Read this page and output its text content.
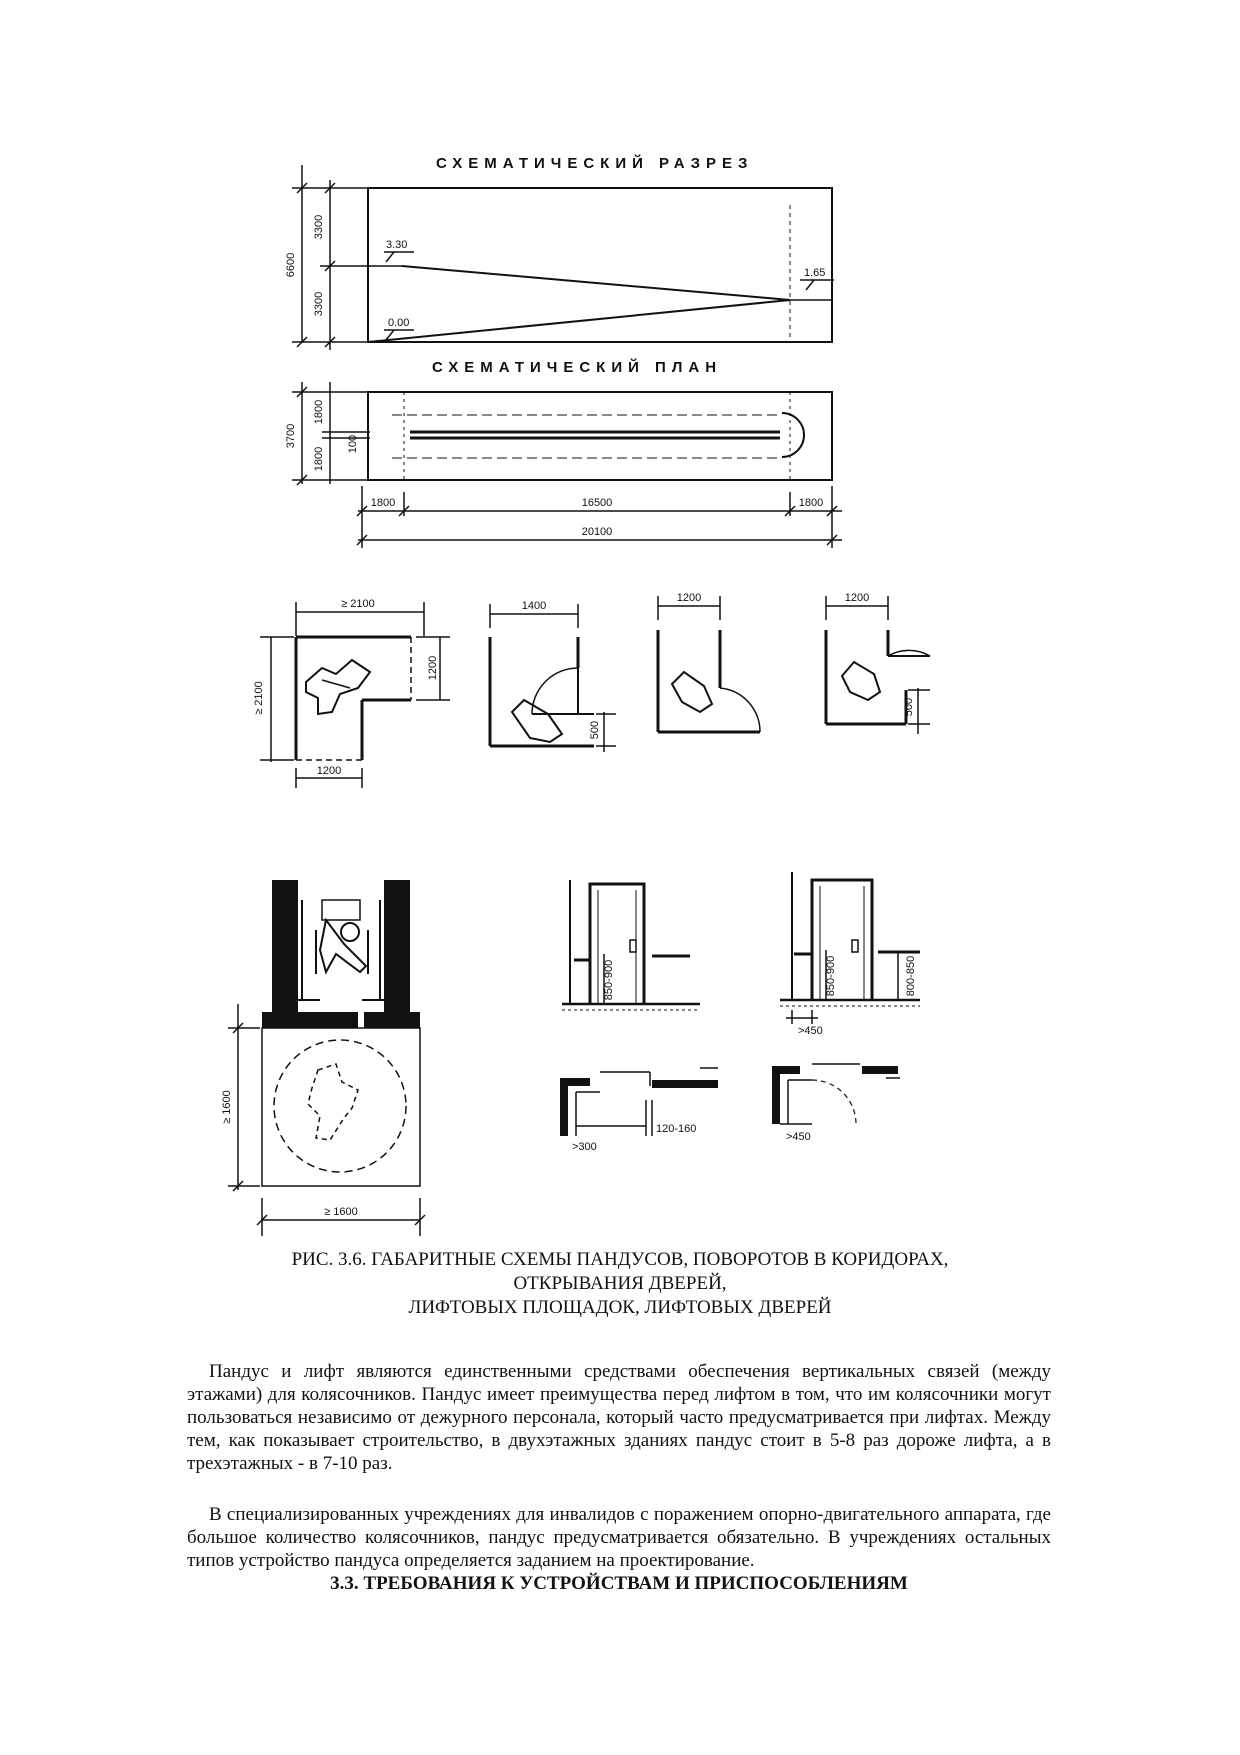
СХЕМАТИЧЕСКИЙ РАЗРЕЗ
6600
3300
3300
3.30
1.65
0.00
СХЕМАТИЧЕСКИЙ ПЛАН
3700
1800
1800
100
1800	16500	1800
20100
≥ 2100
≥ 2100
1200
1200
1400
500
1200	1200
500
≥ 1600
≥ 1600
850-900	850-900	800-850
>450
>300
120-160
>450
РИС. 3.6. ГАБАРИТНЫЕ СХЕМЫ ПАНДУСОВ, ПОВОРОТОВ В КОРИДОРАХ,
ОТКРЫВАНИЯ ДВЕРЕЙ,
ЛИФТОВЫХ ПЛОЩАДОК, ЛИФТОВЫХ ДВЕРЕЙ

Пандус и лифт являются единственными средствами обеспечения вертикальных связей (между этажами) для колясочников. Пандус имеет преимущества перед лифтом в том, что им колясочники могут пользоваться независимо от дежурного персонала, который часто предусматривается при лифтах. Между тем, как показывает строительство, в двухэтажных зданиях пандус стоит в 5-8 раз дороже лифта, а в трехэтажных - в 7-10 раз.

В специализированных учреждениях для инвалидов с поражением опорно-двигательного аппарата, где большое количество колясочников, пандус предусматривается обязательно. В учреждениях остальных типов устройство пандуса определяется заданием на проектирование.

3.3. ТРЕБОВАНИЯ К УСТРОЙСТВАМ И ПРИСПОСОБЛЕНИЯМ
